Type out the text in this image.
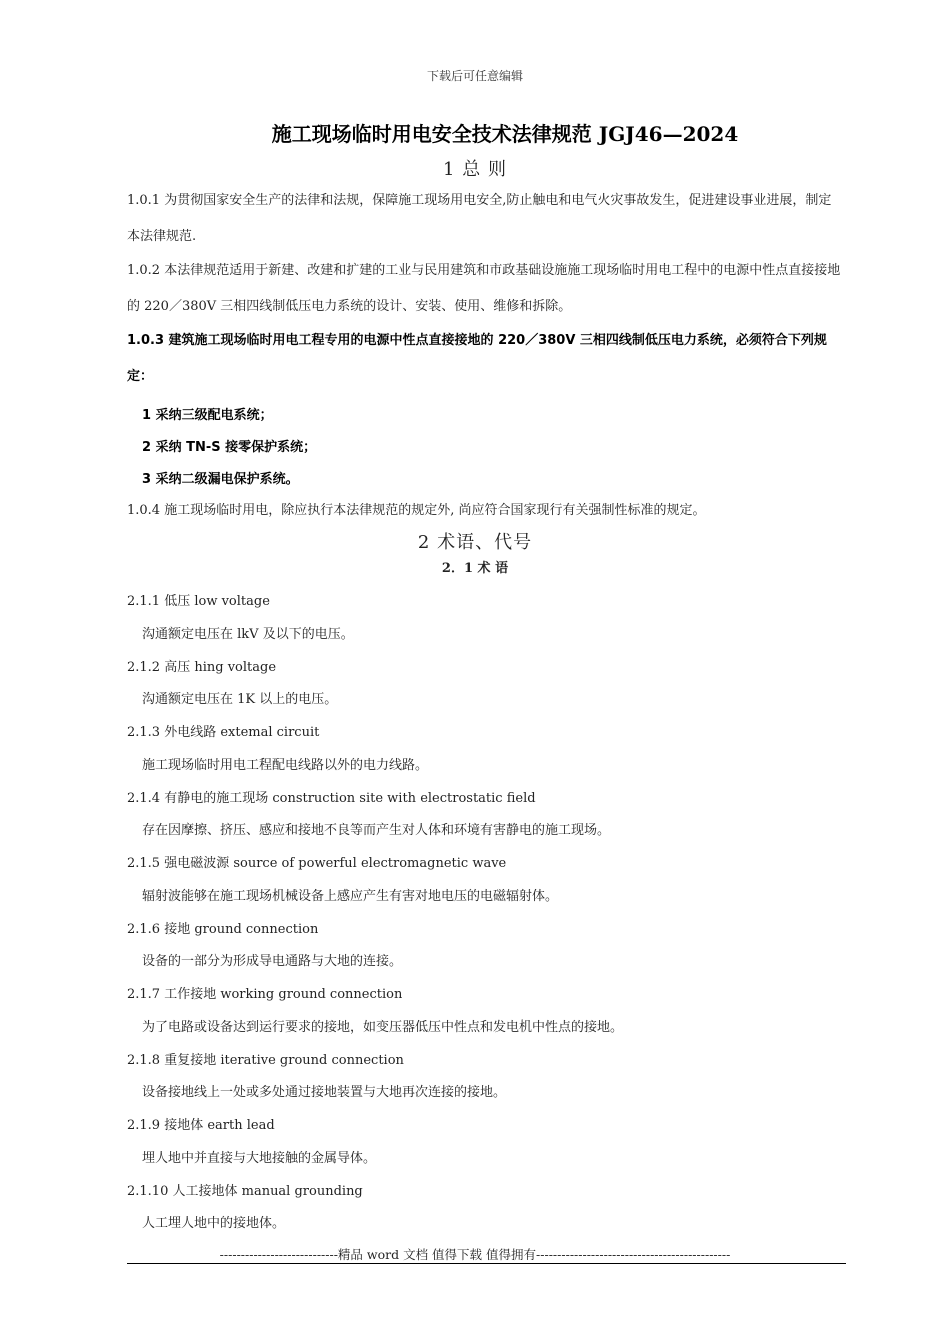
下载后可任意编辑
施工现场临时用电安全技术法律规范 JGJ46—2024
1 总 则
1.0.1 为贯彻国家安全生产的法律和法规，保障施工现场用电安全,防止触电和电气火灾事故发生，促进建设事业进展，制定本法律规范.
1.0.2 本法律规范适用于新建、改建和扩建的工业与民用建筑和市政基础设施施工现场临时用电工程中的电源中性点直接接地的 220／380V 三相四线制低压电力系统的设计、安装、使用、维修和拆除。
1.0.3 建筑施工现场临时用电工程专用的电源中性点直接接地的 220／380V 三相四线制低压电力系统，必须符合下列规定：
1 采纳三级配电系统；
2 采纳 TN-S 接零保护系统；
3 采纳二级漏电保护系统。
1.0.4 施工现场临时用电，除应执行本法律规范的规定外, 尚应符合国家现行有关强制性标准的规定。
2 术语、代号
2．1 术 语
2.1.1 低压 low voltage
沟通额定电压在 lkV 及以下的电压。
2.1.2 高压 hing voltage
沟通额定电压在 1K 以上的电压。
2.1.3 外电线路 extemal circuit
施工现场临时用电工程配电线路以外的电力线路。
2.1.4 有静电的施工现场 construction site with electrostatic field
存在因摩擦、挤压、感应和接地不良等而产生对人体和环境有害静电的施工现场。
2.1.5 强电磁波源 source of powerful electromagnetic wave
辐射波能够在施工现场机械设备上感应产生有害对地电压的电磁辐射体。
2.1.6 接地 ground connection
设备的一部分为形成导电通路与大地的连接。
2.1.7 工作接地 working ground connection
为了电路或设备达到运行要求的接地，如变压器低压中性点和发电机中性点的接地。
2.1.8 重复接地 iterative ground connection
设备接地线上一处或多处通过接地装置与大地再次连接的接地。
2.1.9 接地体 earth lead
埋人地中并直接与大地接触的金属导体。
2.1.10 人工接地体 manual grounding
人工埋人地中的接地体。
----------------------------精品 word 文档 值得下载 值得拥有----------------------------------------------
